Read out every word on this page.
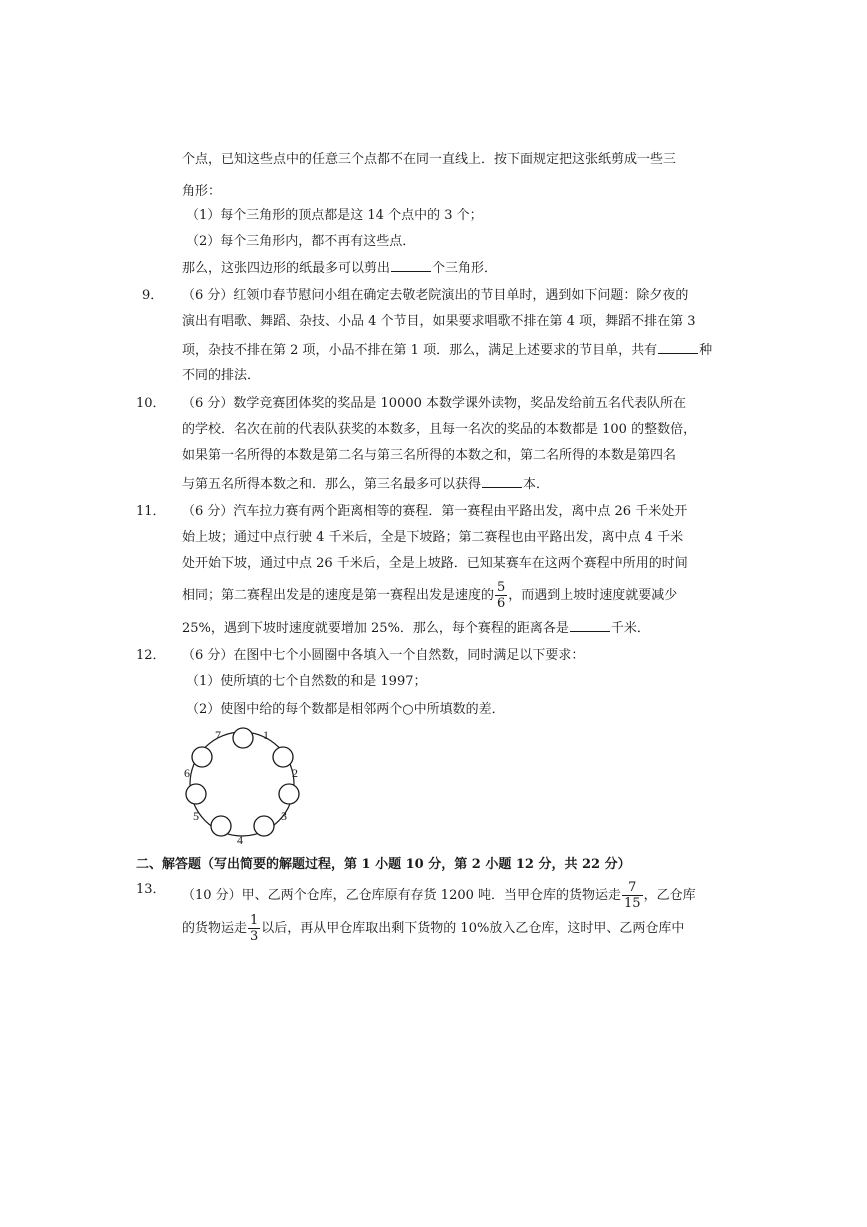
个点，已知这些点中的任意三个点都不在同一直线上．按下面规定把这张纸剪成一些三
角形：
（1）每个三角形的顶点都是这 14 个点中的 3 个；
（2）每个三角形内，都不再有这些点．
那么，这张四边形的纸最多可以剪出	个三角形．
9． （6 分）红领巾春节慰问小组在确定去敬老院演出的节目单时，遇到如下问题：除夕夜的
演出有唱歌、舞蹈、杂技、小品 4 个节目，如果要求唱歌不排在第 4 项，舞蹈不排在第 3
项，杂技不排在第 2 项，小品不排在第 1 项．那么，满足上述要求的节目单，共有	种
不同的排法．
10． （6 分）数学竞赛团体奖的奖品是 10000 本数学课外读物，奖品发给前五名代表队所在
的学校．名次在前的代表队获奖的本数多，且每一名次的奖品的本数都是 100 的整数倍，
如果第一名所得的本数是第二名与第三名所得的本数之和，第二名所得的本数是第四名
与第五名所得本数之和．那么，第三名最多可以获得	本．
11． （6 分）汽车拉力赛有两个距离相等的赛程．第一赛程由平路出发，离中点 26 千米处开
始上坡；通过中点行驶 4 千米后，全是下坡路；第二赛程也由平路出发，离中点 4 千米
处开始下坡，通过中点 26 千米后，全是上坡路．已知某赛车在这两个赛程中所用的时间
相同；第二赛程出发是的速度是第一赛程出发是速度的 $\frac{5}{6}$ ，而遇到上坡时速度就要减少
25%，遇到下坡时速度就要增加 25%．那么，每个赛程的距离各是	千米．
12． （6 分）在图中七个小圆圈中各填入一个自然数，同时满足以下要求：
（1）使所填的七个自然数的和是 1997；
（2）使图中给的每个数都是相邻两个○中所填数的差．
1
2
3
4
5
6
7
二、解答题（写出简要的解题过程，第 1 小题 10 分，第 2 小题 12 分，共 22 分）
13． （10 分）甲、乙两个仓库，乙仓库原有存货 1200 吨．当甲仓库的货物运走 $\frac{7}{15}$ ，乙仓库
的货物运走 $\frac{1}{3}$ 以后，再从甲仓库取出剩下货物的 10%放入乙仓库，这时甲、乙两仓库中
